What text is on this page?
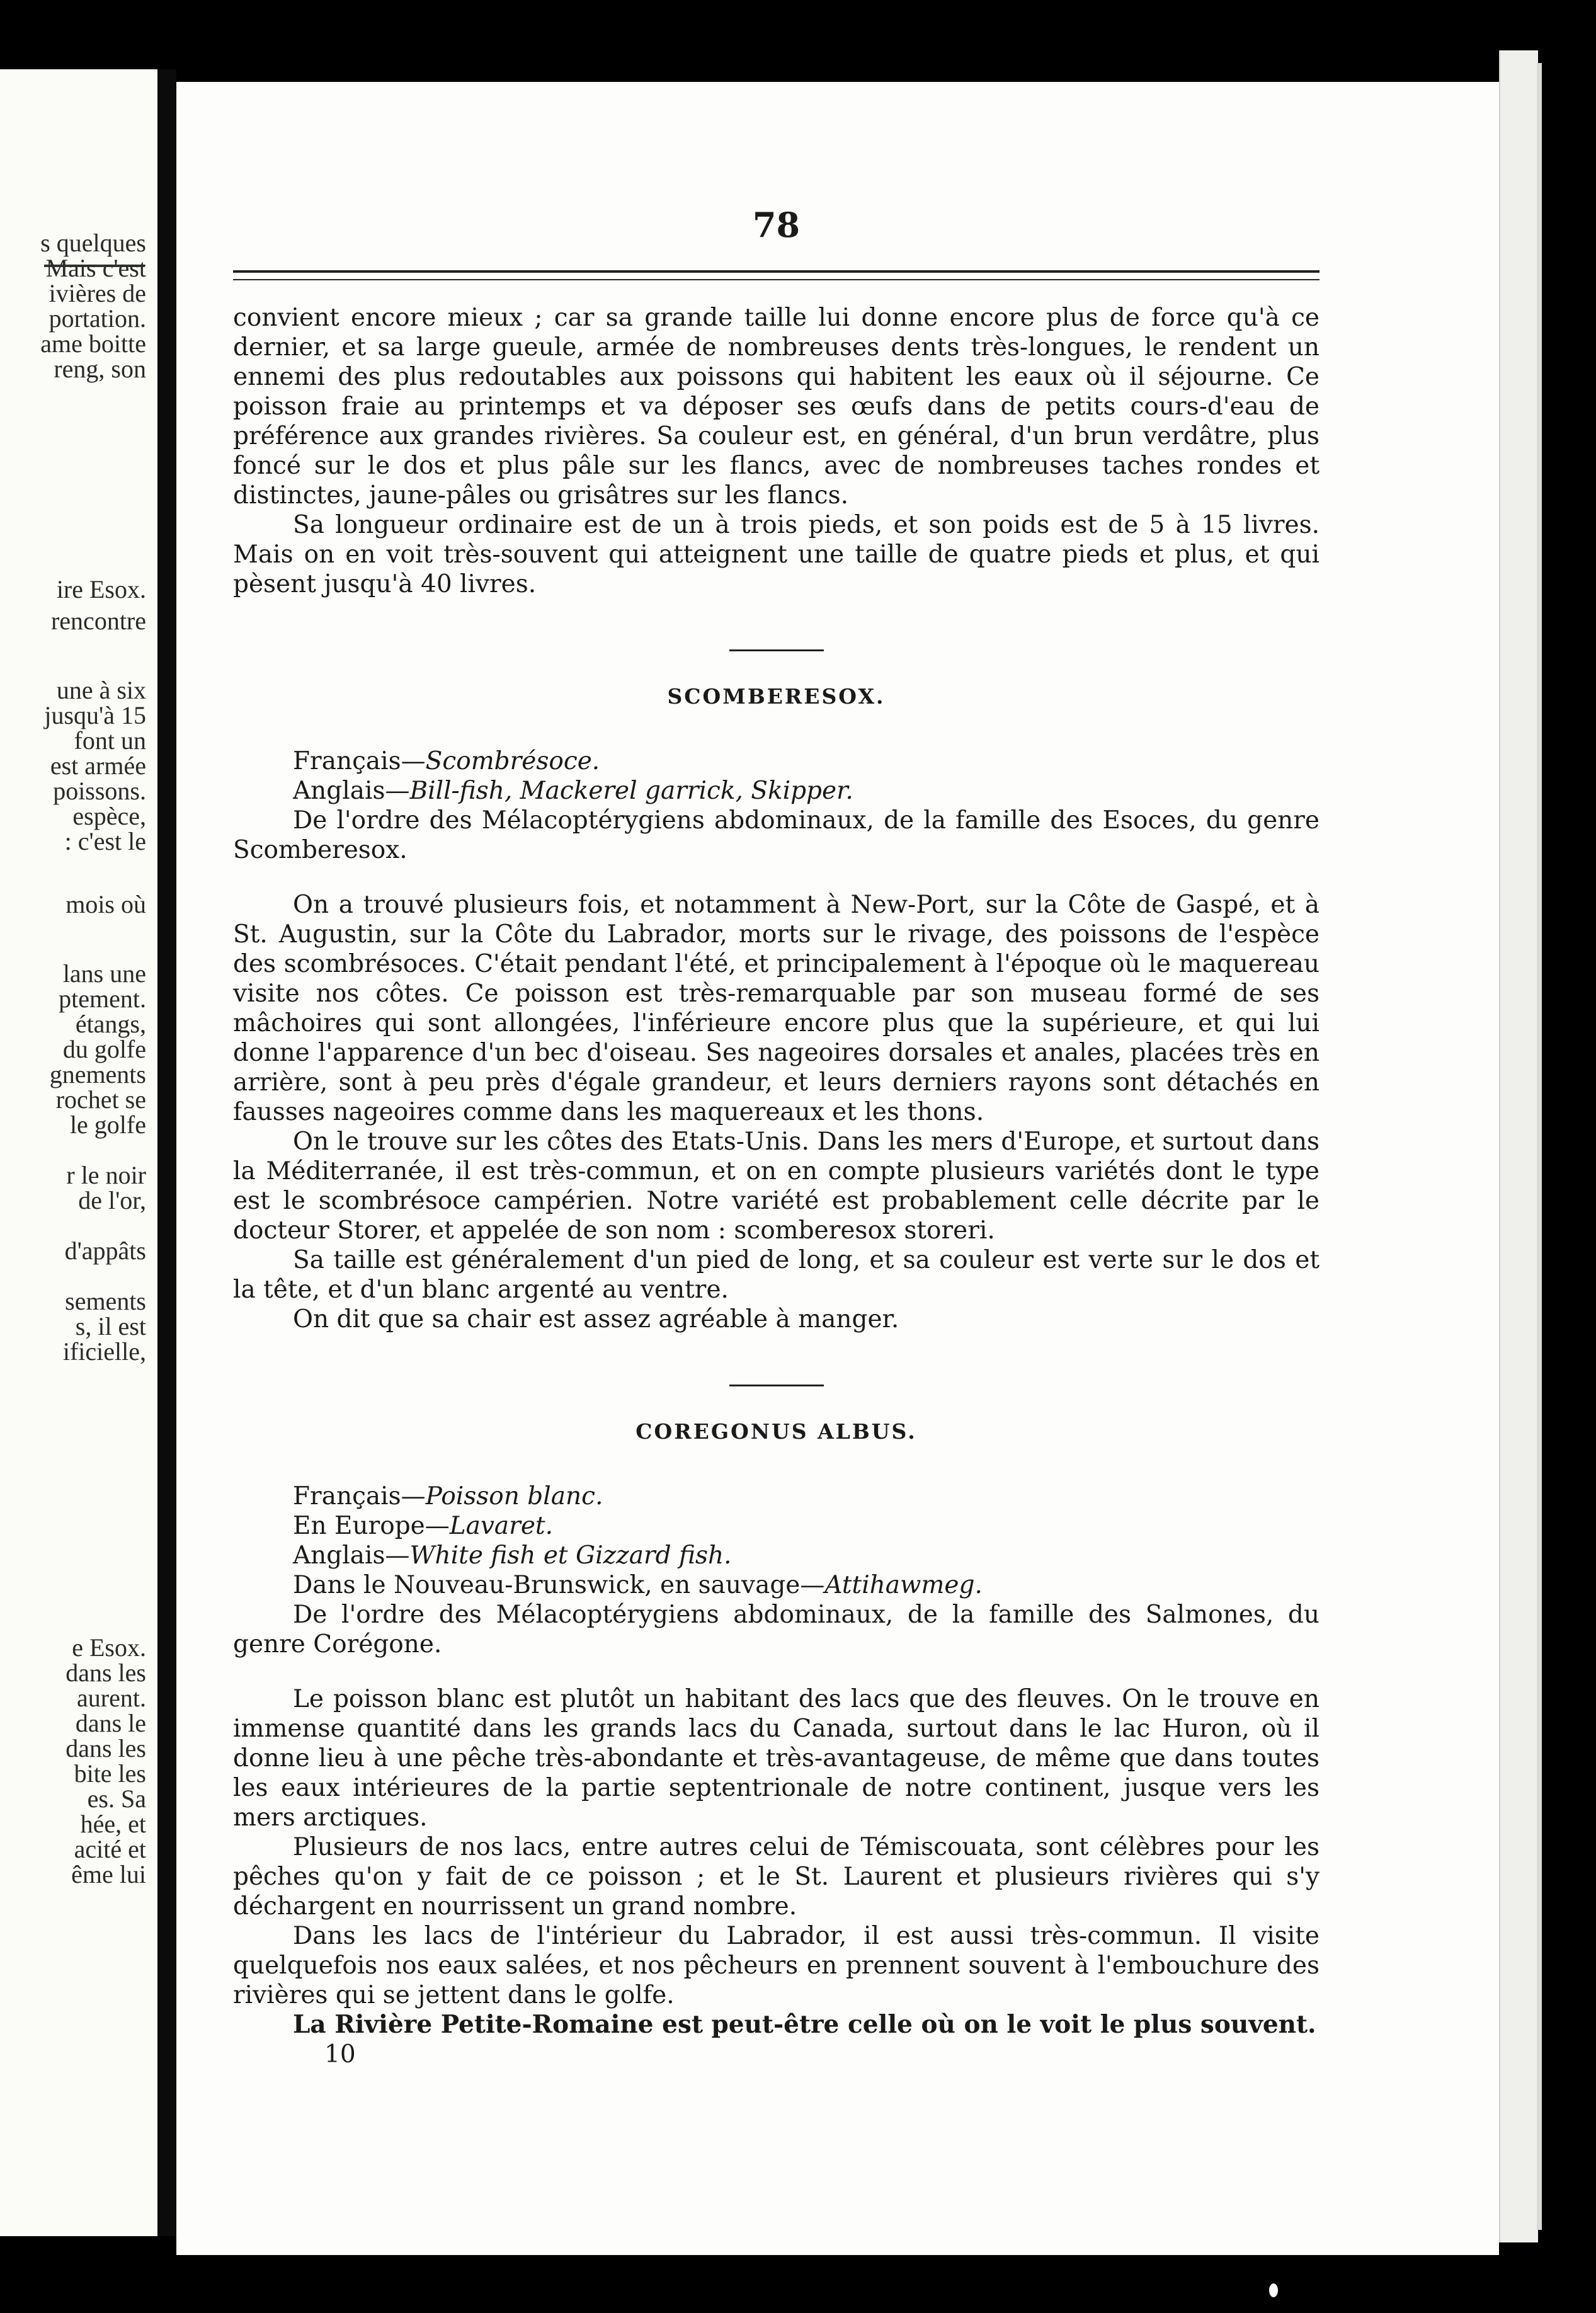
s quelques
Mais c'est
ivières de
portation.
ame boitte
reng, son
ire Esox.
rencontre
une à six
jusqu'à 15
font un
est armée
poissons.
espèce,
: c'est le
mois où
lans une
ptement.
étangs,
du golfe
gnements
rochet se
le golfe
r le noir
de l'or,
d'appâts
sements
s, il est
ificielle,
e Esox.
dans les
aurent.
dans le
dans les
bite les
es. Sa
hée, et
acité et
ême lui
78

convient encore mieux ; car sa grande taille lui donne encore plus de force qu'à ce dernier, et sa large gueule, armée de nombreuses dents très-longues, le rendent un ennemi des plus redoutables aux poissons qui habitent les eaux où il séjourne. Ce poisson fraie au printemps et va déposer ses œufs dans de petits cours-d'eau de préférence aux grandes rivières. Sa couleur est, en général, d'un brun verdâtre, plus foncé sur le dos et plus pâle sur les flancs, avec de nombreuses taches rondes et distinctes, jaune-pâles ou grisâtres sur les flancs.

Sa longueur ordinaire est de un à trois pieds, et son poids est de 5 à 15 livres. Mais on en voit très-souvent qui atteignent une taille de quatre pieds et plus, et qui pèsent jusqu'à 40 livres.

SCOMBERESOX.
Français—Scombrésoce.
Anglais—Bill-fish, Mackerel garrick, Skipper.

De l'ordre des Mélacoptérygiens abdominaux, de la famille des Esoces, du genre Scomberesox.

On a trouvé plusieurs fois, et notamment à New-Port, sur la Côte de Gaspé, et à St. Augustin, sur la Côte du Labrador, morts sur le rivage, des poissons de l'espèce des scombrésoces. C'était pendant l'été, et principalement à l'époque où le maquereau visite nos côtes. Ce poisson est très-remarquable par son museau formé de ses mâchoires qui sont allongées, l'inférieure encore plus que la supérieure, et qui lui donne l'apparence d'un bec d'oiseau. Ses nageoires dorsales et anales, placées très en arrière, sont à peu près d'égale grandeur, et leurs derniers rayons sont détachés en fausses nageoires comme dans les maquereaux et les thons.

On le trouve sur les côtes des Etats-Unis. Dans les mers d'Europe, et surtout dans la Méditerranée, il est très-commun, et on en compte plusieurs variétés dont le type est le scombrésoce campérien. Notre variété est probablement celle décrite par le docteur Storer, et appelée de son nom : scomberesox storeri.

Sa taille est généralement d'un pied de long, et sa couleur est verte sur le dos et la tête, et d'un blanc argenté au ventre.

On dit que sa chair est assez agréable à manger.

COREGONUS ALBUS.
Français—Poisson blanc.
En Europe—Lavaret.
Anglais—White fish et Gizzard fish.
Dans le Nouveau-Brunswick, en sauvage—Attihawmeg.

De l'ordre des Mélacoptérygiens abdominaux, de la famille des Salmones, du genre Corégone.

Le poisson blanc est plutôt un habitant des lacs que des fleuves. On le trouve en immense quantité dans les grands lacs du Canada, surtout dans le lac Huron, où il donne lieu à une pêche très-abondante et très-avantageuse, de même que dans toutes les eaux intérieures de la partie septentrionale de notre continent, jusque vers les mers arctiques.

Plusieurs de nos lacs, entre autres celui de Témiscouata, sont célèbres pour les pêches qu'on y fait de ce poisson ; et le St. Laurent et plusieurs rivières qui s'y déchargent en nourrissent un grand nombre.

Dans les lacs de l'intérieur du Labrador, il est aussi très-commun. Il visite quelquefois nos eaux salées, et nos pêcheurs en prennent souvent à l'embouchure des rivières qui se jettent dans le golfe.

La Rivière Petite-Romaine est peut-être celle où on le voit le plus souvent.

10
